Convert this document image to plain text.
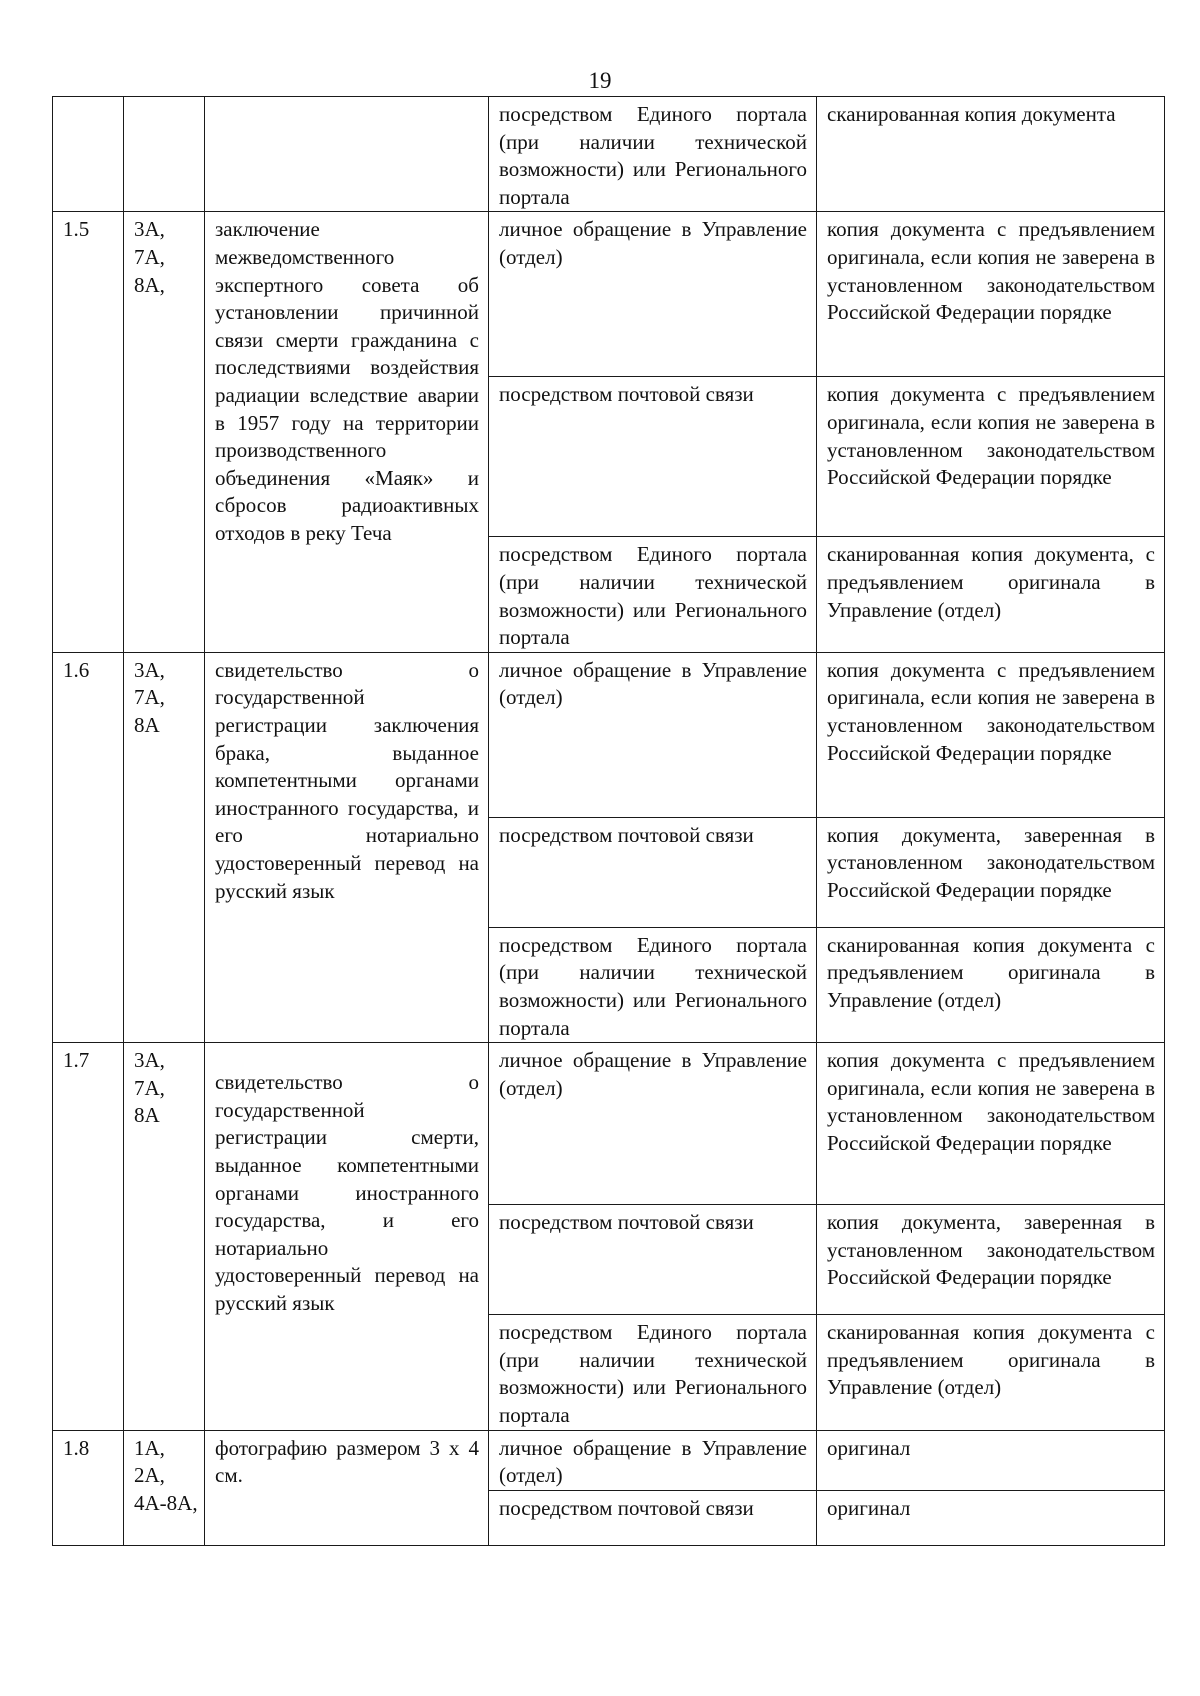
19
			посредством Единого портала (при наличии технической возможности) или Регионального портала	сканированная копия документа
1.5	3А, 7А, 8А,	заключение межведомственного экспертного совета об установлении причинной связи смерти гражданина с последствиями воздействия радиации вследствие аварии в 1957 году на территории производственного объединения «Маяк» и сбросов радиоактивных отходов в реку Теча	личное обращение в Управление (отдел)	копия документа с предъявлением оригинала, если копия не заверена в установленном законодательством Российской Федерации порядке
			посредством почтовой связи	копия документа с предъявлением оригинала, если копия не заверена в установленном законодательством Российской Федерации порядке
			посредством Единого портала (при наличии технической возможности) или Регионального портала	сканированная копия документа, с предъявлением оригинала в Управление (отдел)
1.6	3А, 7А, 8А	свидетельство о государственной регистрации заключения брака, выданное компетентными органами иностранного государства, и его нотариально удостоверенный перевод на русский язык	личное обращение в Управление (отдел)	копия документа с предъявлением оригинала, если копия не заверена в установленном законодательством Российской Федерации порядке
			посредством почтовой связи	копия документа, заверенная в установленном законодательством Российской Федерации порядке
			посредством Единого портала (при наличии технической возможности) или Регионального портала	сканированная копия документа с предъявлением оригинала в Управление (отдел)
1.7	3А, 7А, 8А	свидетельство о государственной регистрации смерти, выданное компетентными органами иностранного государства, и его нотариально удостоверенный перевод на русский язык	личное обращение в Управление (отдел)	копия документа с предъявлением оригинала, если копия не заверена в установленном законодательством Российской Федерации порядке
			посредством почтовой связи	копия документа, заверенная в установленном законодательством Российской Федерации порядке
			посредством Единого портала (при наличии технической возможности) или Регионального портала	сканированная копия документа с предъявлением оригинала в Управление (отдел)
1.8	1А, 2А, 4А-8А,	фотографию размером 3 х 4 см.	личное обращение в Управление (отдел)	оригинал
			посредством почтовой связи	оригинал
